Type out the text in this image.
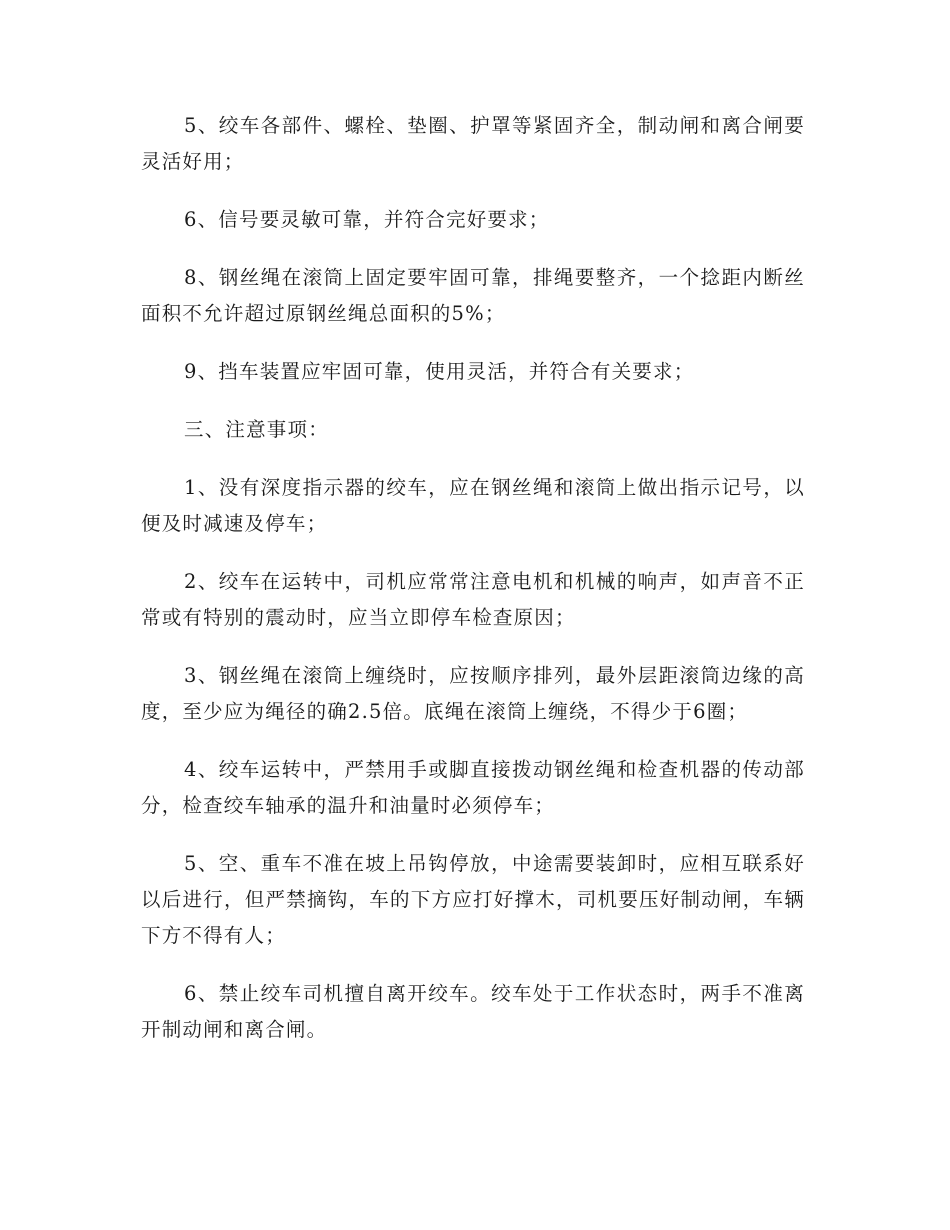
5、绞车各部件、螺栓、垫圈、护罩等紧固齐全，制动闸和离合闸要灵活好用；

6、信号要灵敏可靠，并符合完好要求；

8、钢丝绳在滚筒上固定要牢固可靠，排绳要整齐，一个捻距内断丝面积不允许超过原钢丝绳总面积的5%；

9、挡车装置应牢固可靠，使用灵活，并符合有关要求；

三、注意事项：

1、没有深度指示器的绞车，应在钢丝绳和滚筒上做出指示记号，以便及时减速及停车；

2、绞车在运转中，司机应常常注意电机和机械的响声，如声音不正常或有特别的震动时，应当立即停车检查原因；

3、钢丝绳在滚筒上缠绕时，应按顺序排列，最外层距滚筒边缘的高度，至少应为绳径的确2.5倍。底绳在滚筒上缠绕，不得少于6圈；

4、绞车运转中，严禁用手或脚直接拨动钢丝绳和检查机器的传动部分，检查绞车轴承的温升和油量时必须停车；

5、空、重车不准在坡上吊钩停放，中途需要装卸时，应相互联系好以后进行，但严禁摘钩，车的下方应打好撑木，司机要压好制动闸，车辆下方不得有人；

6、禁止绞车司机擅自离开绞车。绞车处于工作状态时，两手不准离开制动闸和离合闸。
